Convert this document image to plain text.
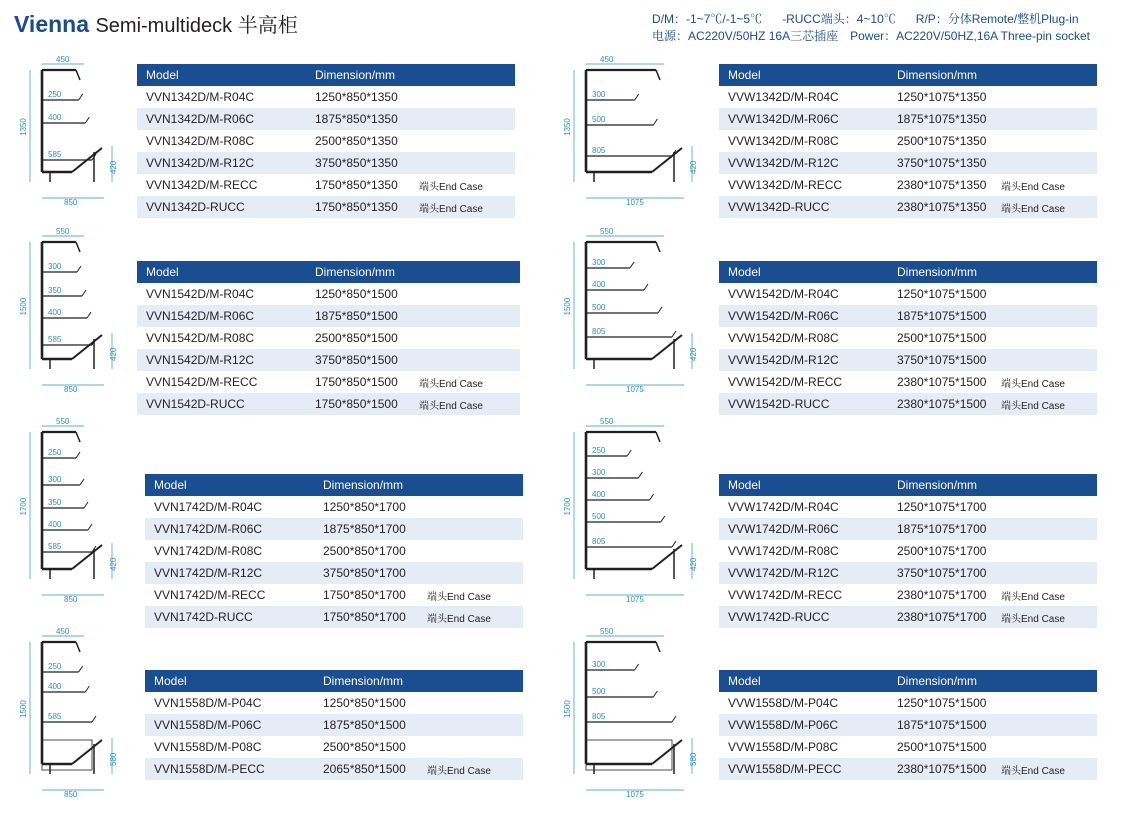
Vienna Semi-multideck 半高柜	D/M：-1~7℃/-1~5℃ -RUCC端头：4~10℃ R/P：分体Remote/整机Plug-in
电源：AC220V/50HZ 16A三芯插座 Power：AC220V/50HZ,16A Three-pin socket
250
400
585
1350
450
850
420
Model	Dimension/mm	
VVN1342D/M-R04C	1250*850*1350	
VVN1342D/M-R06C	1875*850*1350	
VVN1342D/M-R08C	2500*850*1350	
VVN1342D/M-R12C	3750*850*1350	
VVN1342D/M-RECC	1750*850*1350	端头End Case
VVN1342D-RUCC	1750*850*1350	端头End Case
300
500
805
1350
450
1075
420
Model	Dimension/mm	
VVW1342D/M-R04C	1250*1075*1350	
VVW1342D/M-R06C	1875*1075*1350	
VVW1342D/M-R08C	2500*1075*1350	
VVW1342D/M-R12C	3750*1075*1350	
VVW1342D/M-RECC	2380*1075*1350	端头End Case
VVW1342D-RUCC	2380*1075*1350	端头End Case
300
350
400
585
1500
550
850
420
Model	Dimension/mm	
VVN1542D/M-R04C	1250*850*1500	
VVN1542D/M-R06C	1875*850*1500	
VVN1542D/M-R08C	2500*850*1500	
VVN1542D/M-R12C	3750*850*1500	
VVN1542D/M-RECC	1750*850*1500	端头End Case
VVN1542D-RUCC	1750*850*1500	端头End Case
300
400
500
805
1500
550
1075
420
Model	Dimension/mm	
VVW1542D/M-R04C	1250*1075*1500	
VVW1542D/M-R06C	1875*1075*1500	
VVW1542D/M-R08C	2500*1075*1500	
VVW1542D/M-R12C	3750*1075*1500	
VVW1542D/M-RECC	2380*1075*1500	端头End Case
VVW1542D-RUCC	2380*1075*1500	端头End Case
250
300
350
400
585
1700
550
850
420
Model	Dimension/mm	
VVN1742D/M-R04C	1250*850*1700	
VVN1742D/M-R06C	1875*850*1700	
VVN1742D/M-R08C	2500*850*1700	
VVN1742D/M-R12C	3750*850*1700	
VVN1742D/M-RECC	1750*850*1700	端头End Case
VVN1742D-RUCC	1750*850*1700	端头End Case
250
300
400
500
805
1700
550
1075
420
Model	Dimension/mm	
VVW1742D/M-R04C	1250*1075*1700	
VVW1742D/M-R06C	1875*1075*1700	
VVW1742D/M-R08C	2500*1075*1700	
VVW1742D/M-R12C	3750*1075*1700	
VVW1742D/M-RECC	2380*1075*1700	端头End Case
VVW1742D-RUCC	2380*1075*1700	端头End Case
250
400
585
1500
450
850
580
Model	Dimension/mm	
VVN1558D/M-P04C	1250*850*1500	
VVN1558D/M-P06C	1875*850*1500	
VVN1558D/M-P08C	2500*850*1500	
VVN1558D/M-PECC	2065*850*1500	端头End Case
300
500
805
1500
550
1075
580
Model	Dimension/mm	
VVW1558D/M-P04C	1250*1075*1500	
VVW1558D/M-P06C	1875*1075*1500	
VVW1558D/M-P08C	2500*1075*1500	
VVW1558D/M-PECC	2380*1075*1500	端头End Case
